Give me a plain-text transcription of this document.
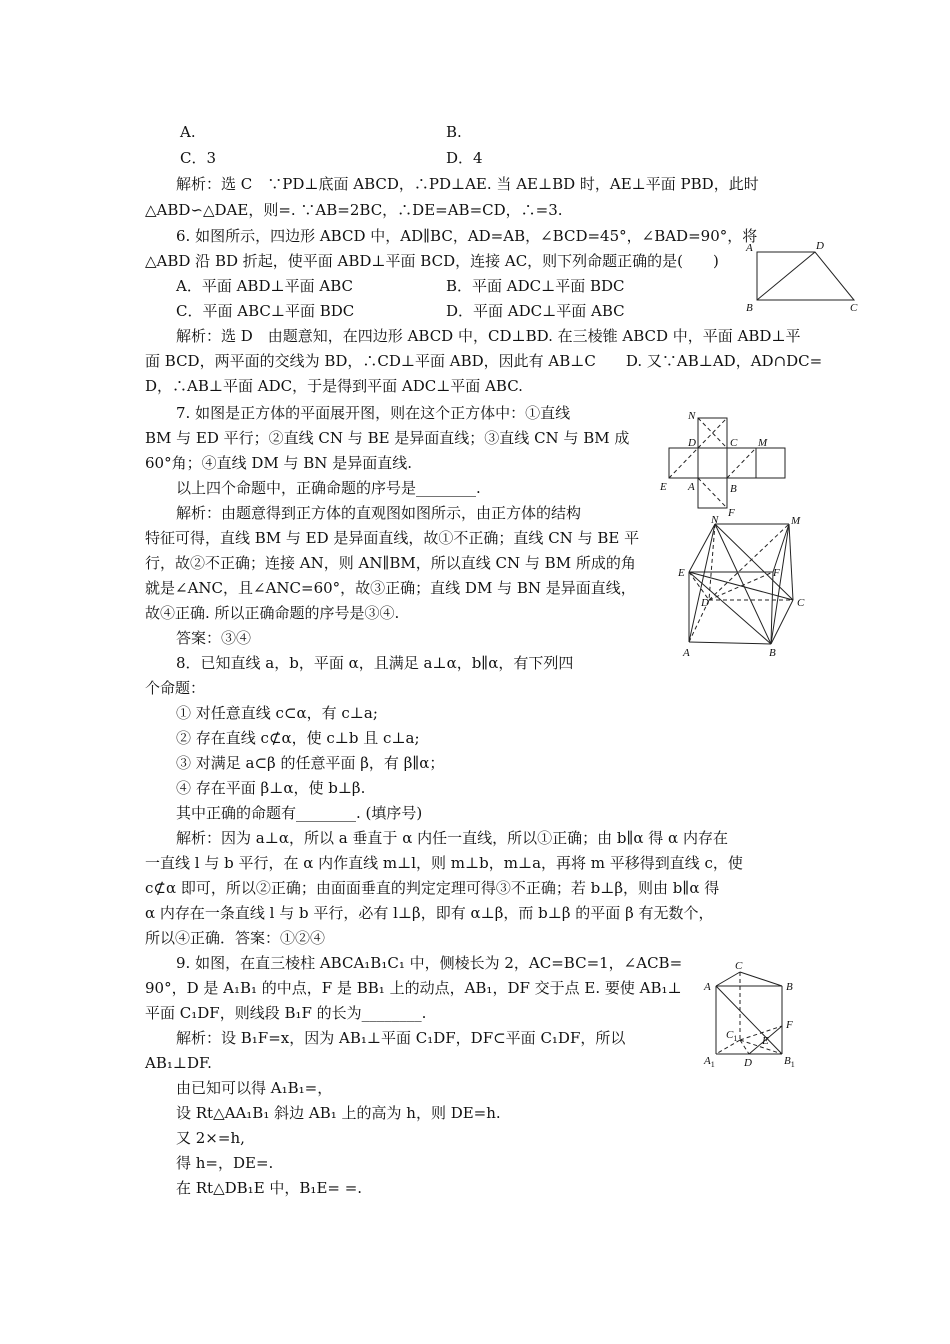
A	D
B	C
N
D	C M
E A	B
F
N	M
E	F
D	C
A	B
C
A	B
$C_1$
F
E
$A_1$	D	$B_1$
A.	B.
C．3	D．4
解析：选 C　∵PD⊥底面 ABCD，∴PD⊥AE. 当 AE⊥BD 时，AE⊥平面 PBD，此时
△ABD∽△DAE，则=. ∵AB=2BC，∴DE=AB=CD，∴=3.
6. 如图所示，四边形 ABCD 中，AD∥BC，AD=AB，∠BCD=45°，∠BAD=90°，将
△ABD 沿 BD 折起，使平面 ABD⊥平面 BCD，连接 AC，则下列命题正确的是(　　)
A．平面 ABD⊥平面 ABC	B．平面 ADC⊥平面 BDC
C．平面 ABC⊥平面 BDC	D．平面 ADC⊥平面 ABC
解析：选 D　由题意知，在四边形 ABCD 中，CD⊥BD. 在三棱锥 ABCD 中，平面 ABD⊥平
面 BCD，两平面的交线为 BD，∴CD⊥平面 ABD，因此有 AB⊥C　　D. 又∵AB⊥AD，AD∩DC=
D，∴AB⊥平面 ADC，于是得到平面 ADC⊥平面 ABC.
7. 如图是正方体的平面展开图，则在这个正方体中：①直线
BM 与 ED 平行；②直线 CN 与 BE 是异面直线；③直线 CN 与 BM 成
60°角；④直线 DM 与 BN 是异面直线.
以上四个命题中，正确命题的序号是________.
解析：由题意得到正方体的直观图如图所示，由正方体的结构
特征可得，直线 BM 与 ED 是异面直线，故①不正确；直线 CN 与 BE 平
行，故②不正确；连接 AN，则 AN∥BM，所以直线 CN 与 BM 所成的角
就是∠ANC，且∠ANC=60°，故③正确；直线 DM 与 BN 是异面直线，
故④正确. 所以正确命题的序号是③④.
答案：③④
8．已知直线 a，b，平面 α，且满足 a⊥α，b∥α，有下列四
个命题：
① 对任意直线 c⊂α，有 c⊥a;
② 存在直线 c⊄α，使 c⊥b 且 c⊥a;
③ 对满足 a⊂β 的任意平面 β，有 β∥α；
④ 存在平面 β⊥α，使 b⊥β.
其中正确的命题有________. (填序号)
解析：因为 a⊥α，所以 a 垂直于 α 内任一直线，所以①正确；由 b∥α 得 α 内存在
一直线 l 与 b 平行，在 α 内作直线 m⊥l，则 m⊥b，m⊥a，再将 m 平移得到直线 c，使
c⊄α 即可，所以②正确；由面面垂直的判定定理可得③不正确；若 b⊥β，则由 b∥α 得
α 内存在一条直线 l 与 b 平行，必有 l⊥β，即有 α⊥β，而 b⊥β 的平面 β 有无数个，
所以④正确．答案：①②④
9. 如图，在直三棱柱 ABCA₁B₁C₁ 中，侧棱长为 2，AC=BC=1，∠ACB=
90°，D 是 A₁B₁ 的中点，F 是 BB₁ 上的动点，AB₁，DF 交于点 E. 要使 AB₁⊥
平面 C₁DF，则线段 B₁F 的长为________.
解析：设 B₁F=x，因为 AB₁⊥平面 C₁DF，DF⊂平面 C₁DF，所以
AB₁⊥DF.
由已知可以得 A₁B₁=，
设 Rt△AA₁B₁ 斜边 AB₁ 上的高为 h，则 DE=h.
又 2×=h,
得 h=，DE=.
在 Rt△DB₁E 中，B₁E= =.
